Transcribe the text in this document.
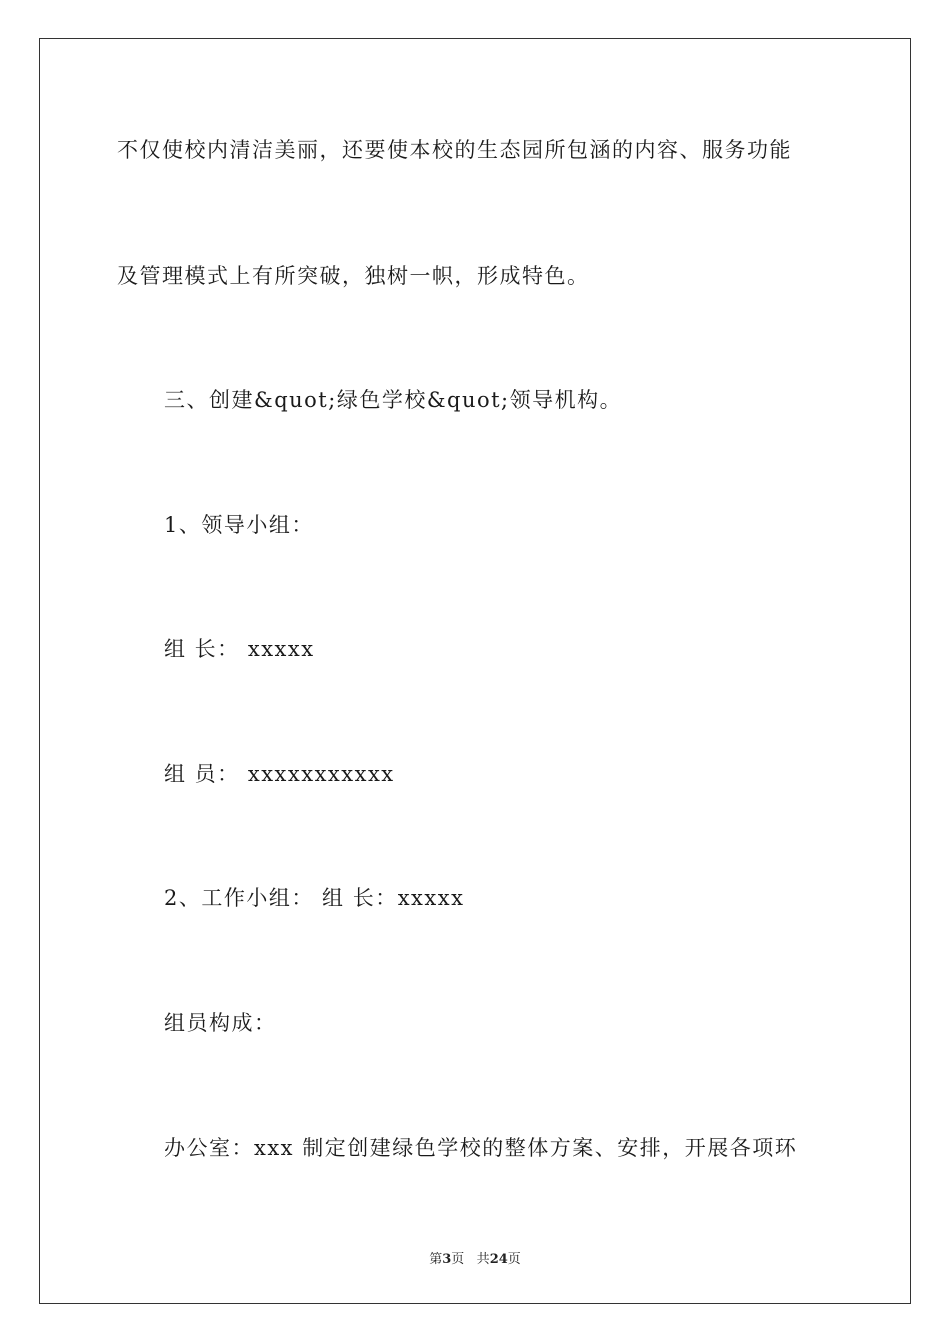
不仅使校内清洁美丽，还要使本校的生态园所包涵的内容、服务功能
及管理模式上有所突破，独树一帜，形成特色。
三、创建&quot;绿色学校&quot;领导机构。
1、领导小组：
组 长： xxxxx
组 员： xxxxxxxxxxx
2、工作小组： 组 长：xxxxx
组员构成：
办公室：xxx 制定创建绿色学校的整体方案、安排，开展各项环
第3页 共24页
